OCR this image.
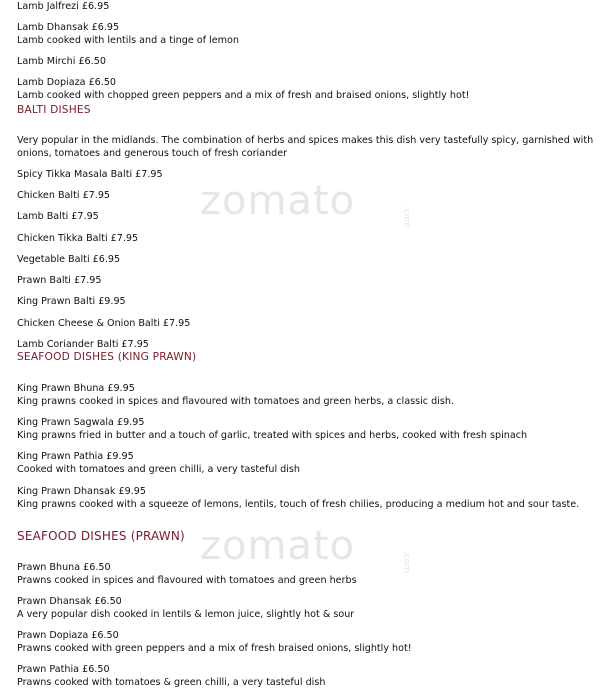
zomato	.com
zomato	.com
Lamb Jalfrezi £6.95
Lamb Dhansak £6.95
Lamb cooked with lentils and a tinge of lemon
Lamb Mirchi £6.50
Lamb Dopiaza £6.50
Lamb cooked with chopped green peppers and a mix of fresh and braised onions, slightly hot!
BALTI DISHES
Very popular in the midlands. The combination of herbs and spices makes this dish very tastefully spicy, garnished with onions, tomatoes and generous touch of fresh coriander
Spicy Tikka Masala Balti £7.95
Chicken Balti £7.95
Lamb Balti £7.95
Chicken Tikka Balti £7.95
Vegetable Balti £6.95
Prawn Balti £7.95
King Prawn Balti £9.95
Chicken Cheese & Onion Balti £7.95
Lamb Coriander Balti £7.95
SEAFOOD DISHES (KING PRAWN)
King Prawn Bhuna £9.95
King prawns cooked in spices and flavoured with tomatoes and green herbs, a classic dish.
King Prawn Sagwala £9.95
King prawns fried in butter and a touch of garlic, treated with spices and herbs, cooked with fresh spinach
King Prawn Pathia £9.95
Cooked with tomatoes and green chilli, a very tasteful dish
King Prawn Dhansak £9.95
King prawns cooked with a squeeze of lemons, lentils, touch of fresh chilies, producing a medium hot and sour taste.
SEAFOOD DISHES (PRAWN)
Prawn Bhuna £6.50
Prawns cooked in spices and flavoured with tomatoes and green herbs
Prawn Dhansak £6.50
A very popular dish cooked in lentils & lemon juice, slightly hot & sour
Prawn Dopiaza £6.50
Prawns cooked with green peppers and a mix of fresh braised onions, slightly hot!
Prawn Pathia £6.50
Prawns cooked with tomatoes & green chilli, a very tasteful dish
